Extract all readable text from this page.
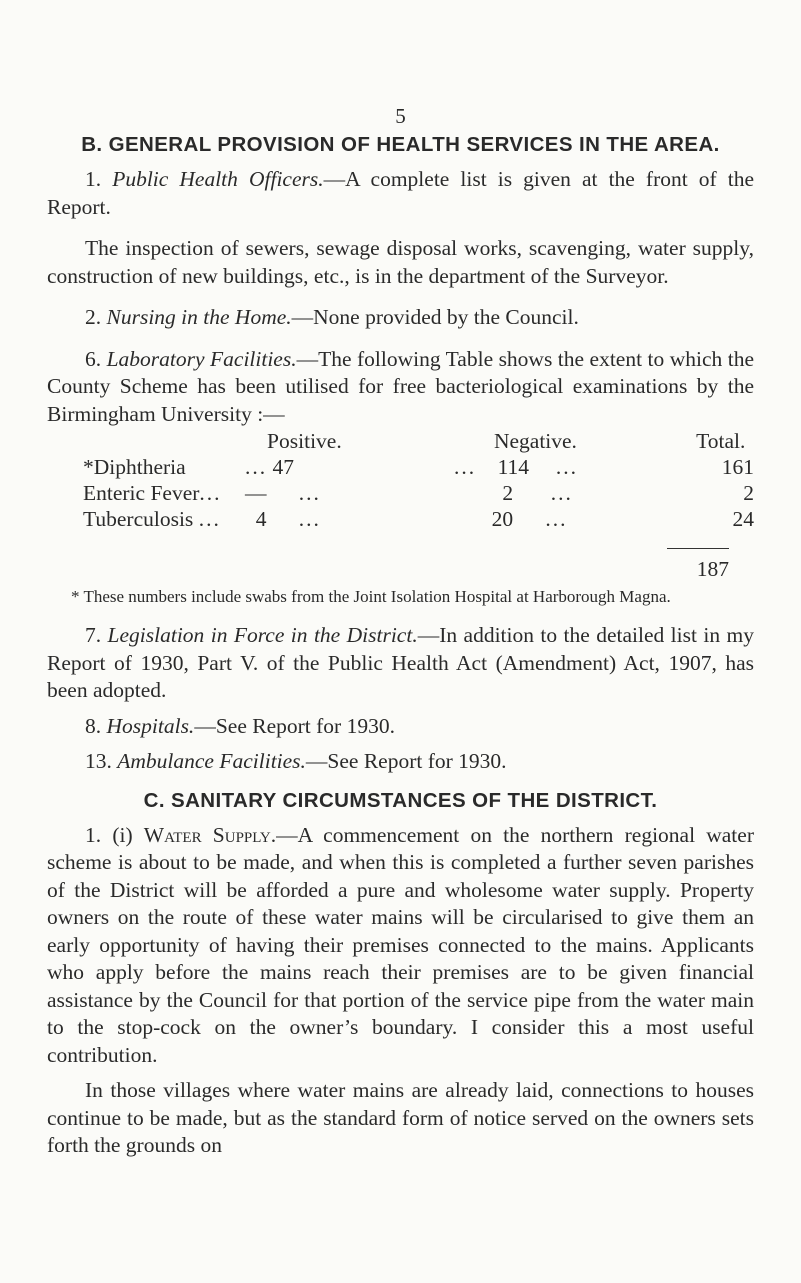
5
B. GENERAL PROVISION OF HEALTH SERVICES IN THE AREA.

1. Public Health Officers.—A complete list is given at the front of the Report.

The inspection of sewers, sewage disposal works, scavenging, water supply, construction of new buildings, etc., is in the department of the Surveyor.

2. Nursing in the Home.—None provided by the Council.

6. Laboratory Facilities.—The following Table shows the extent to which the County Scheme has been utilised for free bacteriological examinations by the Birmingham University :—

	Positive.	Negative.	Total.
*Diphtheria	... 47	... 114 ...	161
Enteric Fever...	— ...	2 ...	2
Tuberculosis ...	4 ...	20 ...	24
187

* These numbers include swabs from the Joint Isolation Hospital at Harborough Magna.

7. Legislation in Force in the District.—In addition to the detailed list in my Report of 1930, Part V. of the Public Health Act (Amendment) Act, 1907, has been adopted.

8. Hospitals.—See Report for 1930.

13. Ambulance Facilities.—See Report for 1930.

C. SANITARY CIRCUMSTANCES OF THE DISTRICT.

1. (i) Water Supply.—A commencement on the northern regional water scheme is about to be made, and when this is completed a further seven parishes of the District will be afforded a pure and wholesome water supply. Property owners on the route of these water mains will be circularised to give them an early opportunity of having their premises connected to the mains. Applicants who apply before the mains reach their premises are to be given financial assistance by the Council for that portion of the service pipe from the water main to the stop-cock on the owner’s boundary. I consider this a most useful contribution.

In those villages where water mains are already laid, connections to houses continue to be made, but as the standard form of notice served on the owners sets forth the grounds on
